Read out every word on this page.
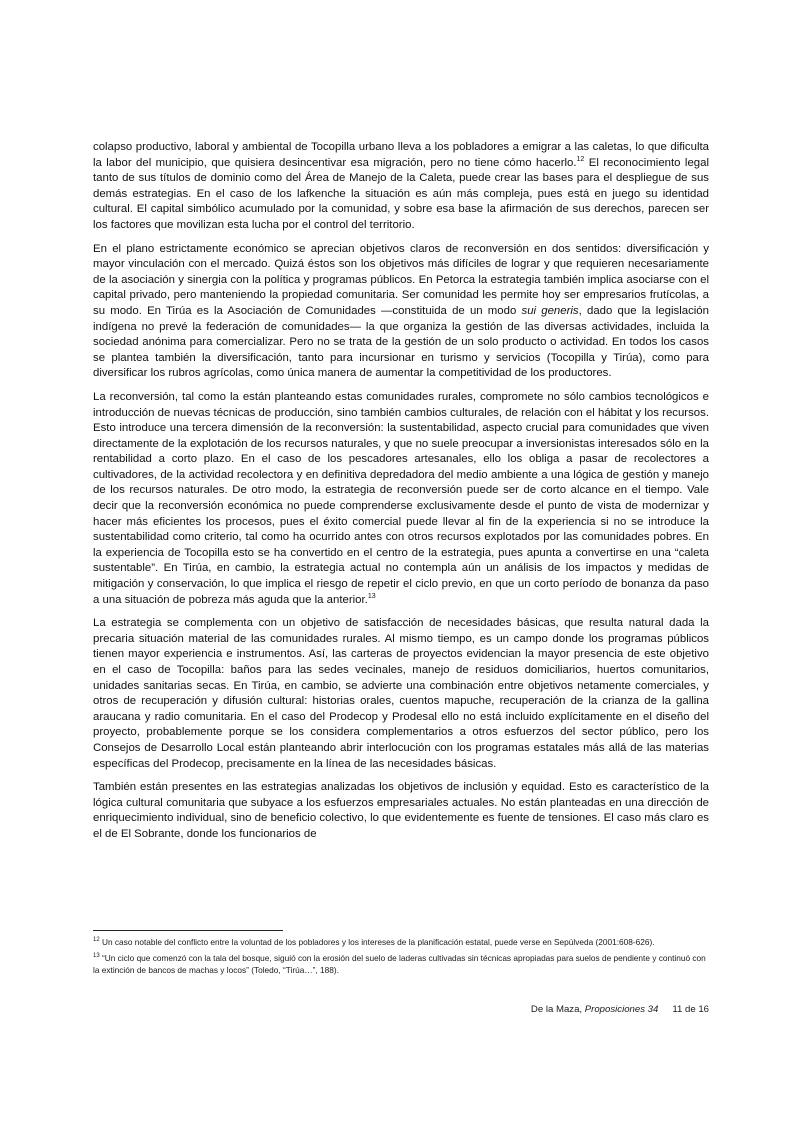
colapso productivo, laboral y ambiental de Tocopilla urbano lleva a los pobladores a emigrar a las caletas, lo que dificulta la labor del municipio, que quisiera desincentivar esa migración, pero no tiene cómo hacerlo.$^{12}$ El reconocimiento legal tanto de sus títulos de dominio como del Área de Manejo de la Caleta, puede crear las bases para el despliegue de sus demás estrategias. En el caso de los lafkenche la situación es aún más compleja, pues está en juego su identidad cultural. El capital simbólico acumulado por la comunidad, y sobre esa base la afirmación de sus derechos, parecen ser los factores que movilizan esta lucha por el control del territorio.

En el plano estrictamente económico se aprecian objetivos claros de reconversión en dos sentidos: diversificación y mayor vinculación con el mercado. Quizá éstos son los objetivos más difíciles de lograr y que requieren necesariamente de la asociación y sinergia con la política y programas públicos. En Petorca la estrategia también implica asociarse con el capital privado, pero manteniendo la propiedad comunitaria. Ser comunidad les permite hoy ser empresarios frutícolas, a su modo. En Tirúa es la Asociación de Comunidades —constituida de un modo sui generis, dado que la legislación indígena no prevé la federación de comunidades— la que organiza la gestión de las diversas actividades, incluida la sociedad anónima para comercializar. Pero no se trata de la gestión de un solo producto o actividad. En todos los casos se plantea también la diversificación, tanto para incursionar en turismo y servicios (Tocopilla y Tirúa), como para diversificar los rubros agrícolas, como única manera de aumentar la competitividad de los productores.

La reconversión, tal como la están planteando estas comunidades rurales, compromete no sólo cambios tecnológicos e introducción de nuevas técnicas de producción, sino también cambios culturales, de relación con el hábitat y los recursos. Esto introduce una tercera dimensión de la reconversión: la sustentabilidad, aspecto crucial para comunidades que viven directamente de la explotación de los recursos naturales, y que no suele preocupar a inversionistas interesados sólo en la rentabilidad a corto plazo. En el caso de los pescadores artesanales, ello los obliga a pasar de recolectores a cultivadores, de la actividad recolectora y en definitiva depredadora del medio ambiente a una lógica de gestión y manejo de los recursos naturales. De otro modo, la estrategia de reconversión puede ser de corto alcance en el tiempo. Vale decir que la reconversión económica no puede comprenderse exclusivamente desde el punto de vista de modernizar y hacer más eficientes los procesos, pues el éxito comercial puede llevar al fin de la experiencia si no se introduce la sustentabilidad como criterio, tal como ha ocurrido antes con otros recursos explotados por las comunidades pobres. En la experiencia de Tocopilla esto se ha convertido en el centro de la estrategia, pues apunta a convertirse en una “caleta sustentable”. En Tirúa, en cambio, la estrategia actual no contempla aún un análisis de los impactos y medidas de mitigación y conservación, lo que implica el riesgo de repetir el ciclo previo, en que un corto período de bonanza da paso a una situación de pobreza más aguda que la anterior.$^{13}$

La estrategia se complementa con un objetivo de satisfacción de necesidades básicas, que resulta natural dada la precaria situación material de las comunidades rurales. Al mismo tiempo, es un campo donde los programas públicos tienen mayor experiencia e instrumentos. Así, las carteras de proyectos evidencian la mayor presencia de este objetivo en el caso de Tocopilla: baños para las sedes vecinales, manejo de residuos domiciliarios, huertos comunitarios, unidades sanitarias secas. En Tirúa, en cambio, se advierte una combinación entre objetivos netamente comerciales, y otros de recuperación y difusión cultural: historias orales, cuentos mapuche, recuperación de la crianza de la gallina araucana y radio comunitaria. En el caso del Prodecop y Prodesal ello no está incluido explícitamente en el diseño del proyecto, probablemente porque se los considera complementarios a otros esfuerzos del sector público, pero los Consejos de Desarrollo Local están planteando abrir interlocución con los programas estatales más allá de las materias específicas del Prodecop, precisamente en la línea de las necesidades básicas.

También están presentes en las estrategias analizadas los objetivos de inclusión y equidad. Esto es característico de la lógica cultural comunitaria que subyace a los esfuerzos empresariales actuales. No están planteadas en una dirección de enriquecimiento individual, sino de beneficio colectivo, lo que evidentemente es fuente de tensiones. El caso más claro es el de El Sobrante, donde los funcionarios de

$^{12}$ Un caso notable del conflicto entre la voluntad de los pobladores y los intereses de la planificación estatal, puede verse en Sepúlveda (2001:608-626).

$^{13}$ “Un ciclo que comenzó con la tala del bosque, siguió con la erosión del suelo de laderas cultivadas sin técnicas apropiadas para suelos de pendiente y continuó con la extinción de bancos de machas y locos” (Toledo, “Tirúa…”, 188).

De la Maza, Proposiciones 34 11 de 16
